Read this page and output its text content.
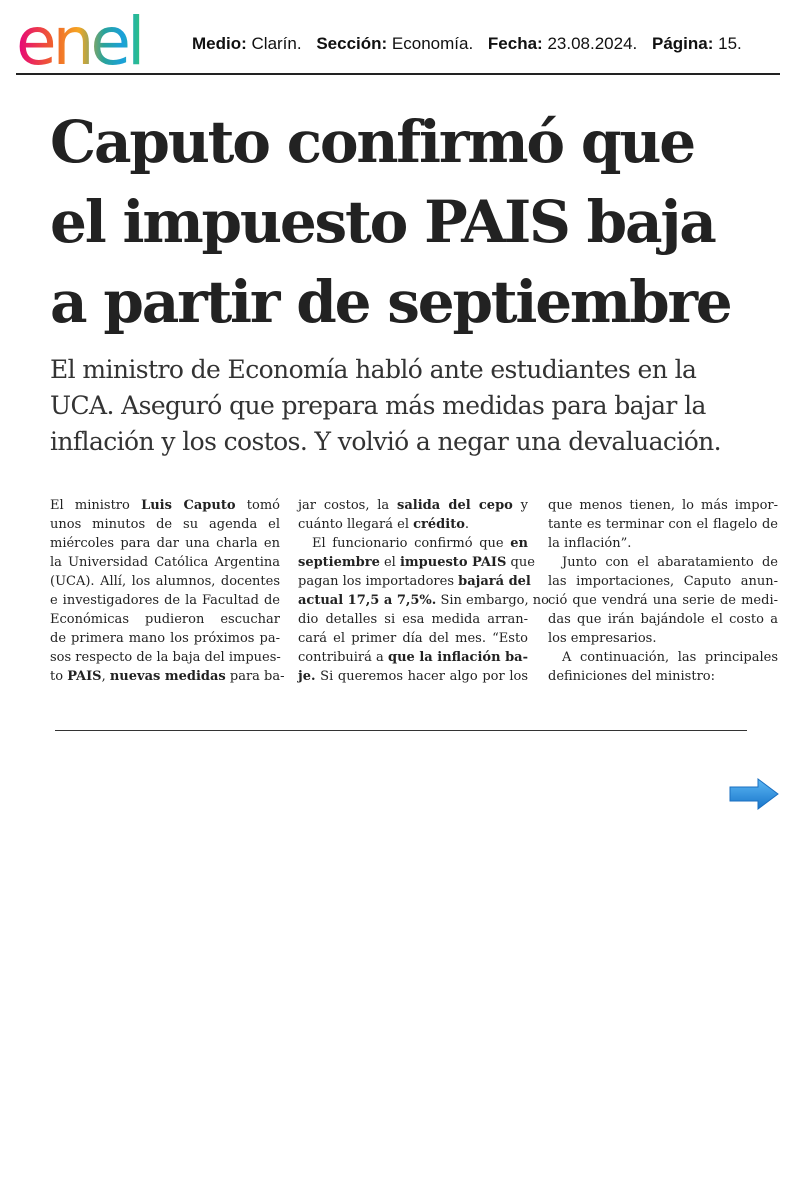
enel	Medio: Clarín. Sección: Economía. Fecha: 23.08.2024. Página: 15.
Caputo confirmó que
el impuesto PAIS baja
a partir de septiembre
El ministro de Economía habló ante estudiantes en la
UCA. Aseguró que prepara más medidas para bajar la
inflación y los costos. Y volvió a negar una devaluación.
El ministro Luis Caputo tomó
unos minutos de su agenda el
miércoles para dar una charla en
la Universidad Católica Argentina
(UCA). Allí, los alumnos, docentes
e investigadores de la Facultad de
Económicas pudieron escuchar
de primera mano los próximos pa-
sos respecto de la baja del impues-
to PAIS, nuevas medidas para ba-
jar costos, la salida del cepo y
cuánto llegará el crédito.
El funcionario confirmó que en
septiembre el impuesto PAIS que
pagan los importadores bajará del
actual 17,5 a 7,5%. Sin embargo, no
dio detalles si esa medida arran-
cará el primer día del mes. “Esto
contribuirá a que la inflación ba-
je. Si queremos hacer algo por los
que menos tienen, lo más impor-
tante es terminar con el flagelo de
la inflación”.
Junto con el abaratamiento de
las importaciones, Caputo anun-
ció que vendrá una serie de medi-
das que irán bajándole el costo a
los empresarios.
A continuación, las principales
definiciones del ministro:
